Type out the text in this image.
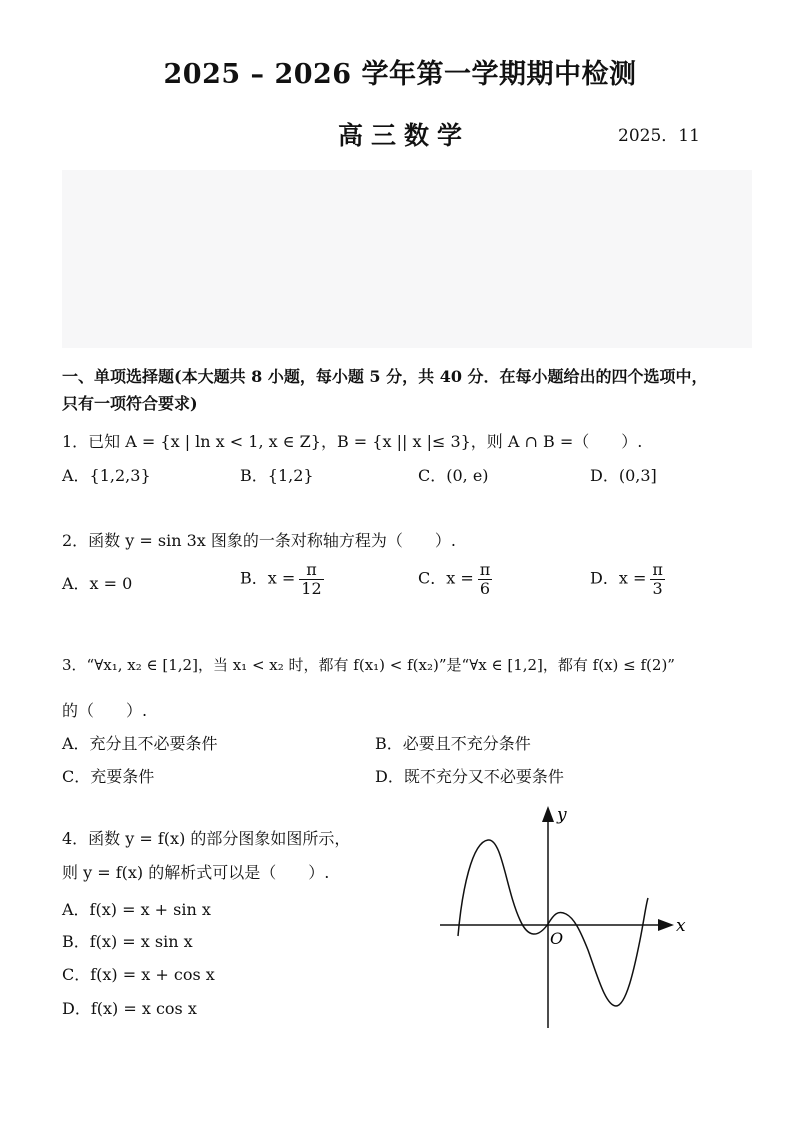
2025 – 2026 学年第一学期期中检测
高三数学	2025．11
一、单项选择题(本大题共 8 小题，每小题 5 分，共 40 分．在每小题给出的四个选项中，
只有一项符合要求)
1．已知 A = {x | ln x < 1, x ∈ Z}，B = {x || x |≤ 3}，则 A ∩ B =（　　）.
A．{1,2,3}	B．{1,2}	C．(0, e)	D．(0,3]
2．函数 y = sin 3x 图象的一条对称轴方程为（　　）.
A．x = 0	B．$x = \frac{\pi}{12}$	C．$x = \frac{\pi}{6}$	D．$x = \frac{\pi}{3}$
3．“∀x₁, x₂ ∈ [1,2]，当 x₁ < x₂ 时，都有 f(x₁) < f(x₂)”是“∀x ∈ [1,2]，都有 f(x) ≤ f(2)”
的（　　）.
A．充分且不必要条件	B．必要且不充分条件
C．充要条件	D．既不充分又不必要条件
4．函数 y = f(x) 的部分图象如图所示，
则 y = f(x) 的解析式可以是（　　）.
A．f(x) = x + sin x
B．f(x) = x sin x
C．f(x) = x + cos x
D．f(x) = x cos x
y
x
O
